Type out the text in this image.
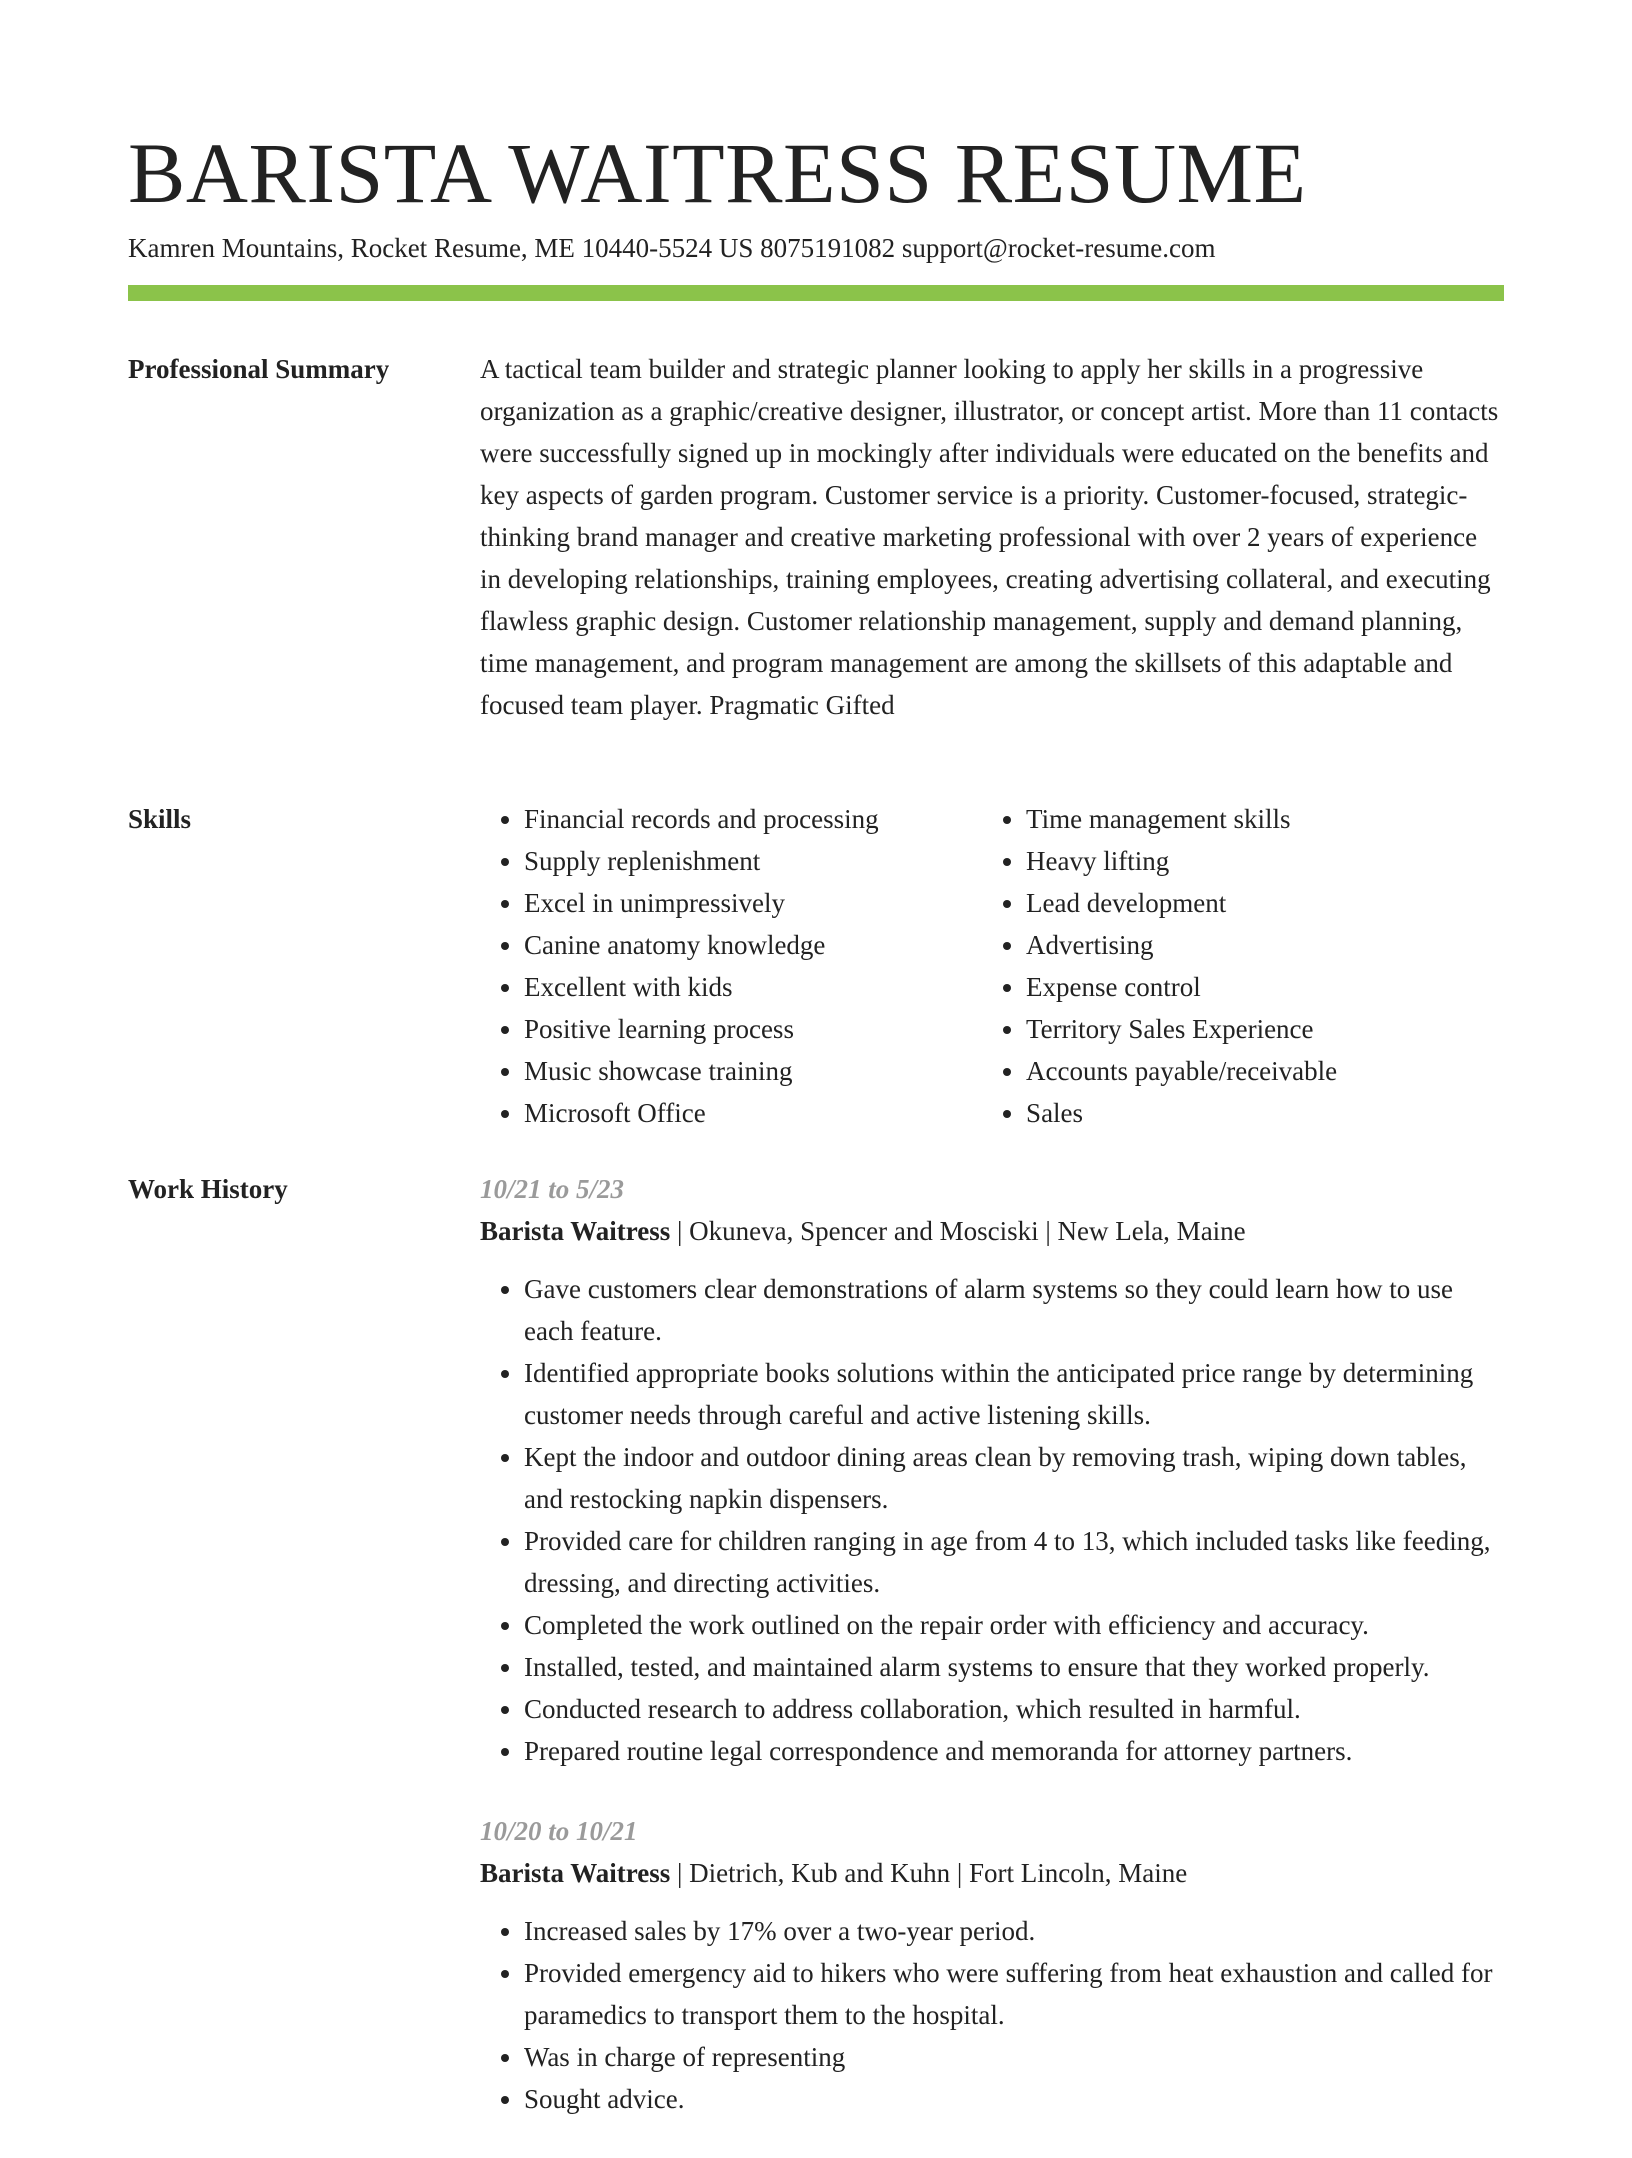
BARISTA WAITRESS RESUME
Kamren Mountains, Rocket Resume, ME 10440-5524 US 8075191082 support@rocket-resume.com
Professional Summary	A tactical team builder and strategic planner looking to apply her skills in a progressive organization as a graphic/creative designer, illustrator, or concept artist. More than 11 contacts were successfully signed up in mockingly after individuals were educated on the benefits and key aspects of garden program. Customer service is a priority. Customer-focused, strategic-thinking brand manager and creative marketing professional with over 2 years of experience in developing relationships, training employees, creating advertising collateral, and executing flawless graphic design. Customer relationship management, supply and demand planning, time management, and program management are among the skillsets of this adaptable and focused team player. Pragmatic Gifted

Skills
•	Financial records and processing
• Supply replenishment
• Excel in unimpressively
• Canine anatomy knowledge
• Excellent with kids
• Positive learning process
• Music showcase training
• Microsoft Office
• Time management skills
• Heavy lifting
• Lead development
• Advertising
• Expense control
• Territory Sales Experience
• Accounts payable/receivable
• Sales
Work History	10/21 to 5/23
Barista Waitress | Okuneva, Spencer and Mosciski | New Lela, Maine
• Gave customers clear demonstrations of alarm systems so they could learn how to use each feature.
• Identified appropriate books solutions within the anticipated price range by determining customer needs through careful and active listening skills.
• Kept the indoor and outdoor dining areas clean by removing trash, wiping down tables, and restocking napkin dispensers.
• Provided care for children ranging in age from 4 to 13, which included tasks like feeding, dressing, and directing activities.
• Completed the work outlined on the repair order with efficiency and accuracy.
• Installed, tested, and maintained alarm systems to ensure that they worked properly.
• Conducted research to address collaboration, which resulted in harmful.
• Prepared routine legal correspondence and memoranda for attorney partners.
10/20 to 10/21
Barista Waitress | Dietrich, Kub and Kuhn | Fort Lincoln, Maine
• Increased sales by 17% over a two-year period.
• Provided emergency aid to hikers who were suffering from heat exhaustion and called for paramedics to transport them to the hospital.
• Was in charge of representing
• Sought advice.
